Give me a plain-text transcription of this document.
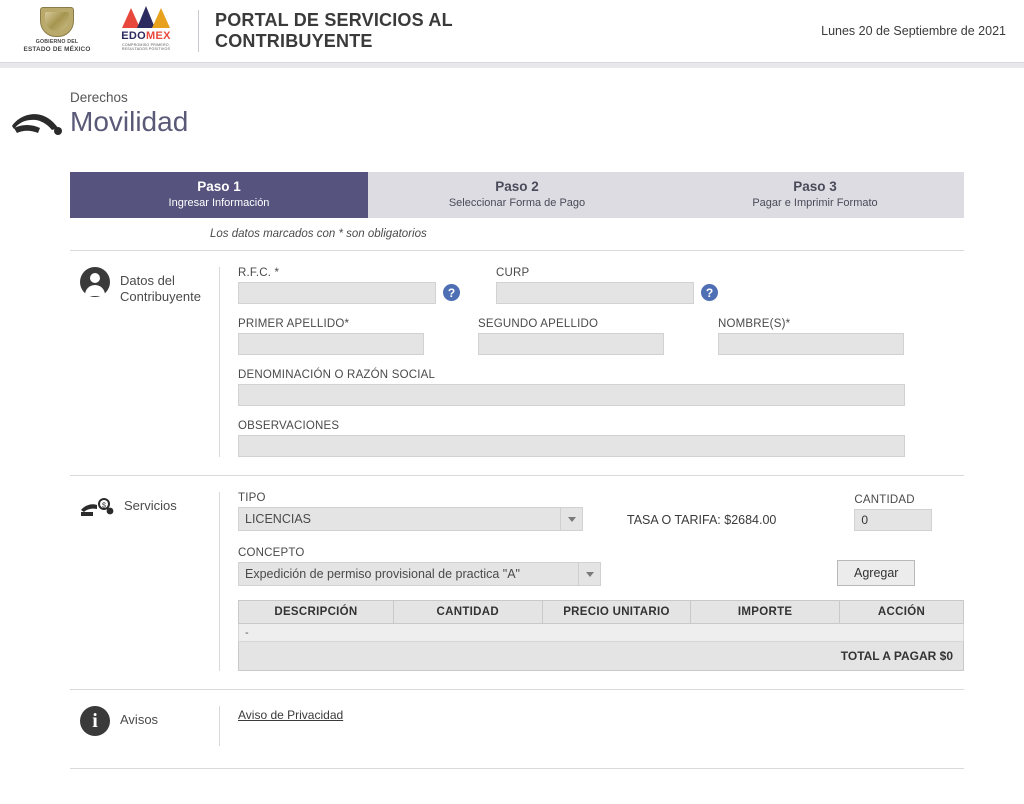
GOBIERNO DEL
ESTADO DE MÉXICO
EDOMEX
COMPROMISO PRIMERO, RESULTADOS POSITIVOS
PORTAL DE SERVICIOS AL
CONTRIBUYENTE	Lunes 20 de Septiembre de 2021
Derechos
Movilidad
Paso 1
Ingresar Información
Paso 2
Seleccionar Forma de Pago
Paso 3
Pagar e Imprimir Formato
Los datos marcados con * son obligatorios
Datos del
Contribuyente
R.F.C. *
?
CURP
?
PRIMER APELLIDO*	SEGUNDO APELLIDO	NOMBRE(S)*
DENOMINACIÓN O RAZÓN SOCIAL
OBSERVACIONES
$ Servicios	TIPO
LICENCIAS	TASA O TARIFA: $2684.00
CANTIDAD
0
CONCEPTO
Expedición de permiso provisional de practica "A"	Agregar
DESCRIPCIÓN	CANTIDAD	PRECIO UNITARIO	IMPORTE	ACCIÓN
-
TOTAL A PAGAR $0
i	Avisos	Aviso de Privacidad
